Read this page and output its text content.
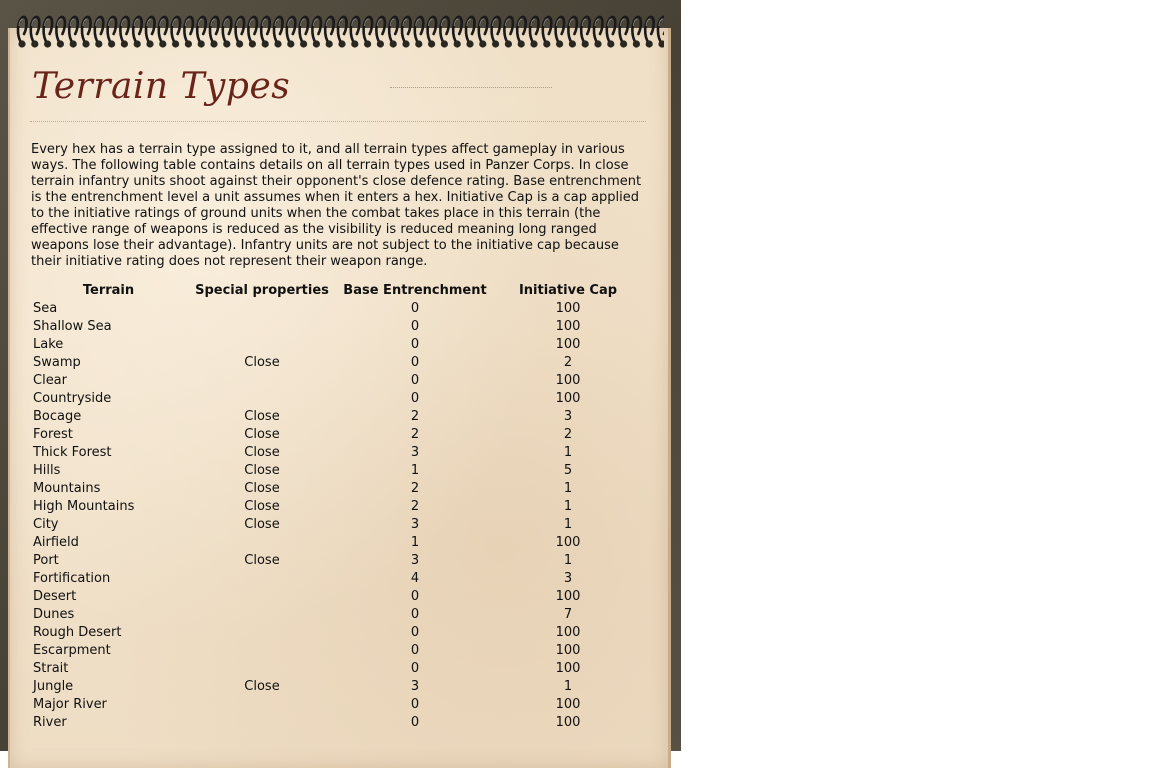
Terrain Types

Every hex has a terrain type assigned to it, and all terrain types affect gameplay in various ways. The following table contains details on all terrain types used in Panzer Corps. In close terrain infantry units shoot against their opponent's close defence rating. Base entrenchment is the entrenchment level a unit assumes when it enters a hex. Initiative Cap is a cap applied to the initiative ratings of ground units when the combat takes place in this terrain (the effective range of weapons is reduced as the visibility is reduced meaning long ranged weapons lose their advantage). Infantry units are not subject to the initiative cap because their initiative rating does not represent their weapon range.

Terrain	Special properties	Base Entrenchment	Initiative Cap
Sea		0	100
Shallow Sea		0	100
Lake		0	100
Swamp	Close	0	2
Clear		0	100
Countryside		0	100
Bocage	Close	2	3
Forest	Close	2	2
Thick Forest	Close	3	1
Hills	Close	1	5
Mountains	Close	2	1
High Mountains	Close	2	1
City	Close	3	1
Airfield		1	100
Port	Close	3	1
Fortification		4	3
Desert		0	100
Dunes		0	7
Rough Desert		0	100
Escarpment		0	100
Strait		0	100
Jungle	Close	3	1
Major River		0	100
River		0	100
